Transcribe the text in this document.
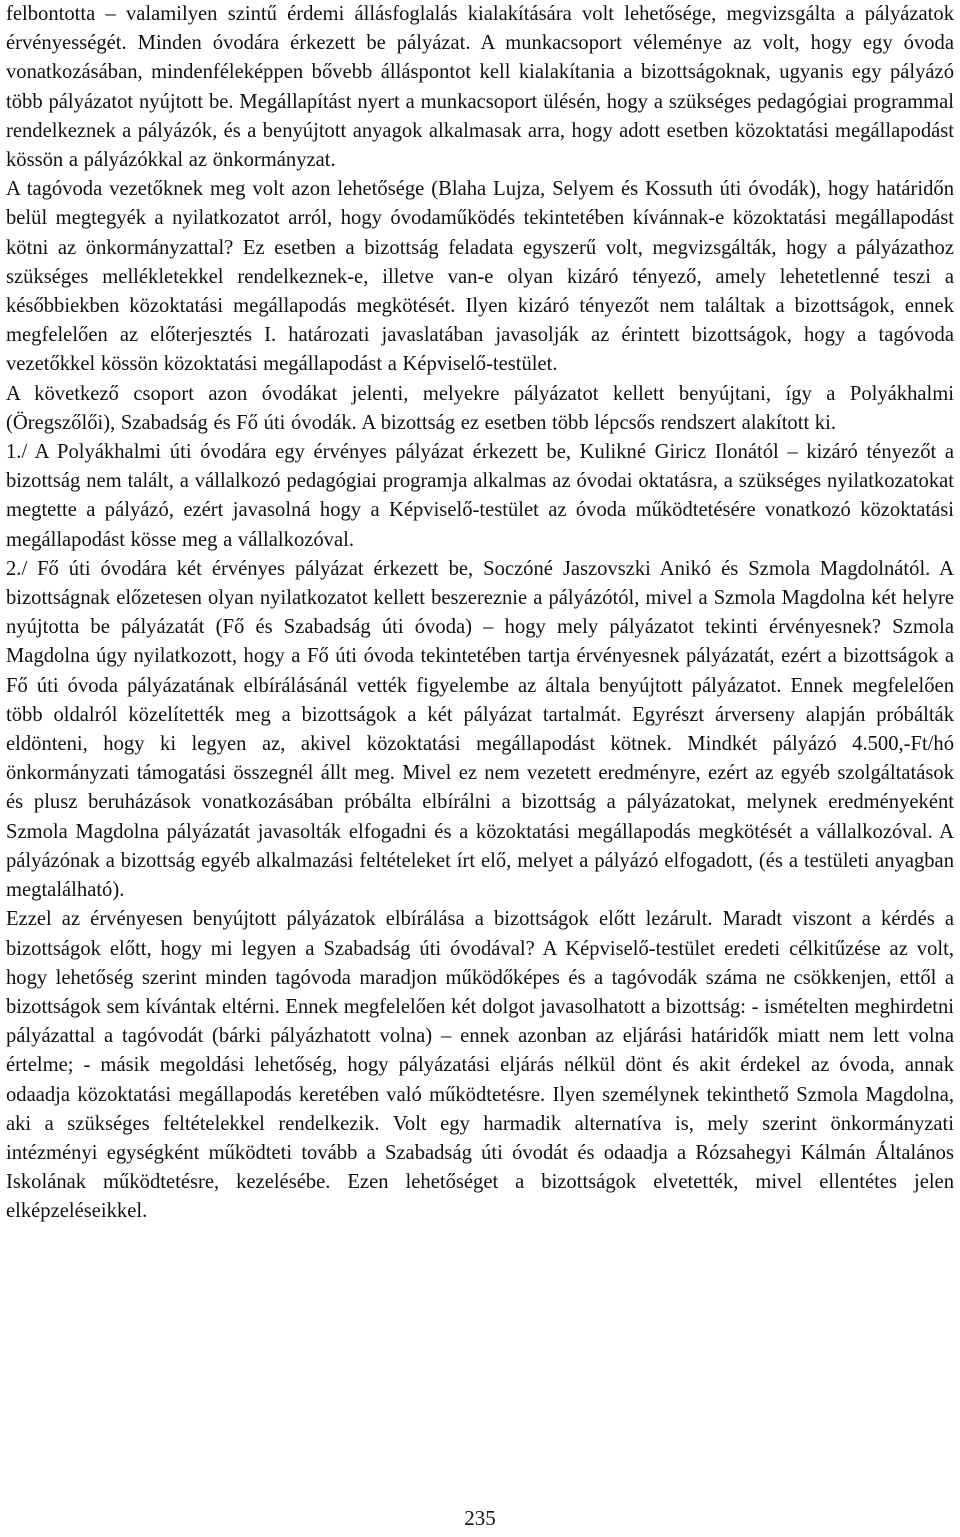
felbontotta – valamilyen szintű érdemi állásfoglalás kialakítására volt lehetősége, megvizsgálta a pályázatok érvényességét. Minden óvodára érkezett be pályázat. A munkacsoport véleménye az volt, hogy egy óvoda vonatkozásában, mindenféleképpen bővebb álláspontot kell kialakítania a bizottságoknak, ugyanis egy pályázó több pályázatot nyújtott be. Megállapítást nyert a munkacsoport ülésén, hogy a szükséges pedagógiai programmal rendelkeznek a pályázók, és a benyújtott anyagok alkalmasak arra, hogy adott esetben közoktatási megállapodást kössön a pályázókkal az önkormányzat.

A tagóvoda vezetőknek meg volt azon lehetősége (Blaha Lujza, Selyem és Kossuth úti óvodák), hogy határidőn belül megtegyék a nyilatkozatot arról, hogy óvodaműködés tekintetében kívánnak-e közoktatási megállapodást kötni az önkormányzattal? Ez esetben a bizottság feladata egyszerű volt, megvizsgálták, hogy a pályázathoz szükséges mellékletekkel rendelkeznek-e, illetve van-e olyan kizáró tényező, amely lehetetlenné teszi a későbbiekben közoktatási megállapodás megkötését. Ilyen kizáró tényezőt nem találtak a bizottságok, ennek megfelelően az előterjesztés I. határozati javaslatában javasolják az érintett bizottságok, hogy a tagóvoda vezetőkkel kössön közoktatási megállapodást a Képviselő-testület.

A következő csoport azon óvodákat jelenti, melyekre pályázatot kellett benyújtani, így a Polyákhalmi (Öregszőlői), Szabadság és Fő úti óvodák. A bizottság ez esetben több lépcsős rendszert alakított ki.

1./ A Polyákhalmi úti óvodára egy érvényes pályázat érkezett be, Kulikné Giricz Ilonától – kizáró tényezőt a bizottság nem talált, a vállalkozó pedagógiai programja alkalmas az óvodai oktatásra, a szükséges nyilatkozatokat megtette a pályázó, ezért javasolná hogy a Képviselő-testület az óvoda működtetésére vonatkozó közoktatási megállapodást kösse meg a vállalkozóval.

2./ Fő úti óvodára két érvényes pályázat érkezett be, Soczóné Jaszovszki Anikó és Szmola Magdolnától. A bizottságnak előzetesen olyan nyilatkozatot kellett beszereznie a pályázótól, mivel a Szmola Magdolna két helyre nyújtotta be pályázatát (Fő és Szabadság úti óvoda) – hogy mely pályázatot tekinti érvényesnek? Szmola Magdolna úgy nyilatkozott, hogy a Fő úti óvoda tekintetében tartja érvényesnek pályázatát, ezért a bizottságok a Fő úti óvoda pályázatának elbírálásánál vették figyelembe az általa benyújtott pályázatot. Ennek megfelelően több oldalról közelítették meg a bizottságok a két pályázat tartalmát. Egyrészt árverseny alapján próbálták eldönteni, hogy ki legyen az, akivel közoktatási megállapodást kötnek. Mindkét pályázó 4.500,-Ft/hó önkormányzati támogatási összegnél állt meg. Mivel ez nem vezetett eredményre, ezért az egyéb szolgáltatások és plusz beruházások vonatkozásában próbálta elbírálni a bizottság a pályázatokat, melynek eredményeként Szmola Magdolna pályázatát javasolták elfogadni és a közoktatási megállapodás megkötését a vállalkozóval. A pályázónak a bizottság egyéb alkalmazási feltételeket írt elő, melyet a pályázó elfogadott, (és a testületi anyagban megtalálható).

Ezzel az érvényesen benyújtott pályázatok elbírálása a bizottságok előtt lezárult. Maradt viszont a kérdés a bizottságok előtt, hogy mi legyen a Szabadság úti óvodával? A Képviselő-testület eredeti célkitűzése az volt, hogy lehetőség szerint minden tagóvoda maradjon működőképes és a tagóvodák száma ne csökkenjen, ettől a bizottságok sem kívántak eltérni. Ennek megfelelően két dolgot javasolhatott a bizottság: - ismételten meghirdetni pályázattal a tagóvodát (bárki pályázhatott volna) – ennek azonban az eljárási határidők miatt nem lett volna értelme; - másik megoldási lehetőség, hogy pályázatási eljárás nélkül dönt és akit érdekel az óvoda, annak odaadja közoktatási megállapodás keretében való működtetésre. Ilyen személynek tekinthető Szmola Magdolna, aki a szükséges feltételekkel rendelkezik. Volt egy harmadik alternatíva is, mely szerint önkormányzati intézményi egységként működteti tovább a Szabadság úti óvodát és odaadja a Rózsahegyi Kálmán Általános Iskolának működtetésre, kezelésébe. Ezen lehetőséget a bizottságok elvetették, mivel ellentétes jelen elképzeléseikkel.

235
